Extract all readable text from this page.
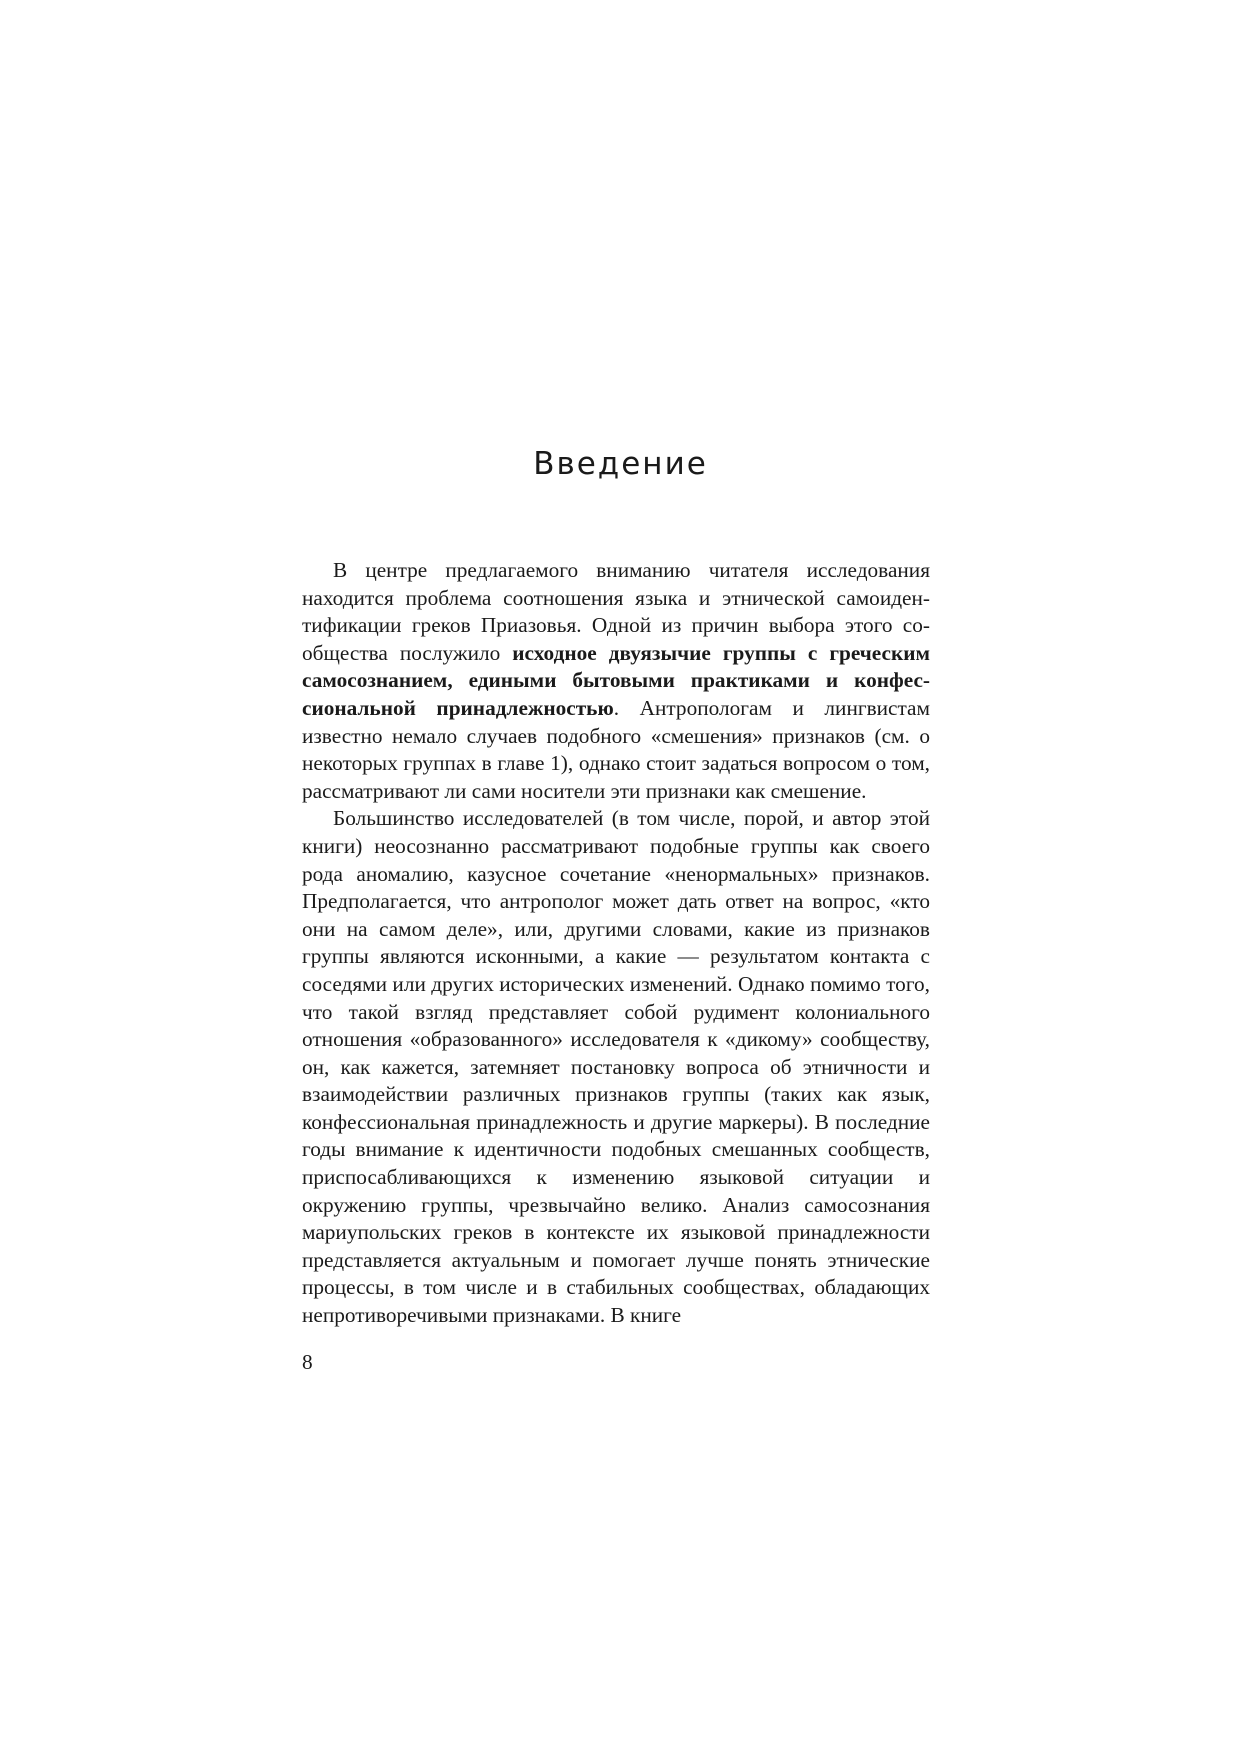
Введение

В центре предлагаемого вниманию читателя исследования находится проблема соотношения языка и этнической самоидентификации греков Приазовья. Одной из причин выбора этого сообщества послужило исходное двуязычие группы с греческим самосознанием, едиными бытовыми практиками и конфессиональной принадлежностью. Антропологам и лингвистам известно немало случаев подобного «смешения» признаков (см. о некоторых группах в главе 1), однако стоит задаться вопросом о том, рассматривают ли сами носители эти признаки как смешение.

Большинство исследователей (в том числе, порой, и автор этой книги) неосознанно рассматривают подобные группы как своего рода аномалию, казусное сочетание «ненормальных» признаков. Предполагается, что антрополог может дать ответ на вопрос, «кто они на самом деле», или, другими словами, какие из признаков группы являются исконными, а какие — результатом контакта с соседями или других исторических изменений. Однако помимо того, что такой взгляд представляет собой рудимент колониального отношения «образованного» исследователя к «дикому» сообществу, он, как кажется, затемняет постановку вопроса об этничности и взаимодействии различных признаков группы (таких как язык, конфессиональная принадлежность и другие маркеры). В последние годы внимание к идентичности подобных смешанных сообществ, приспосабливающихся к изменению языковой ситуации и окружению группы, чрезвычайно велико. Анализ самосознания мариупольских греков в контексте их языковой принадлежности представляется актуальным и помогает лучше понять этнические процессы, в том числе и в стабильных сообществах, обладающих непротиворечивыми признаками. В книге

8
